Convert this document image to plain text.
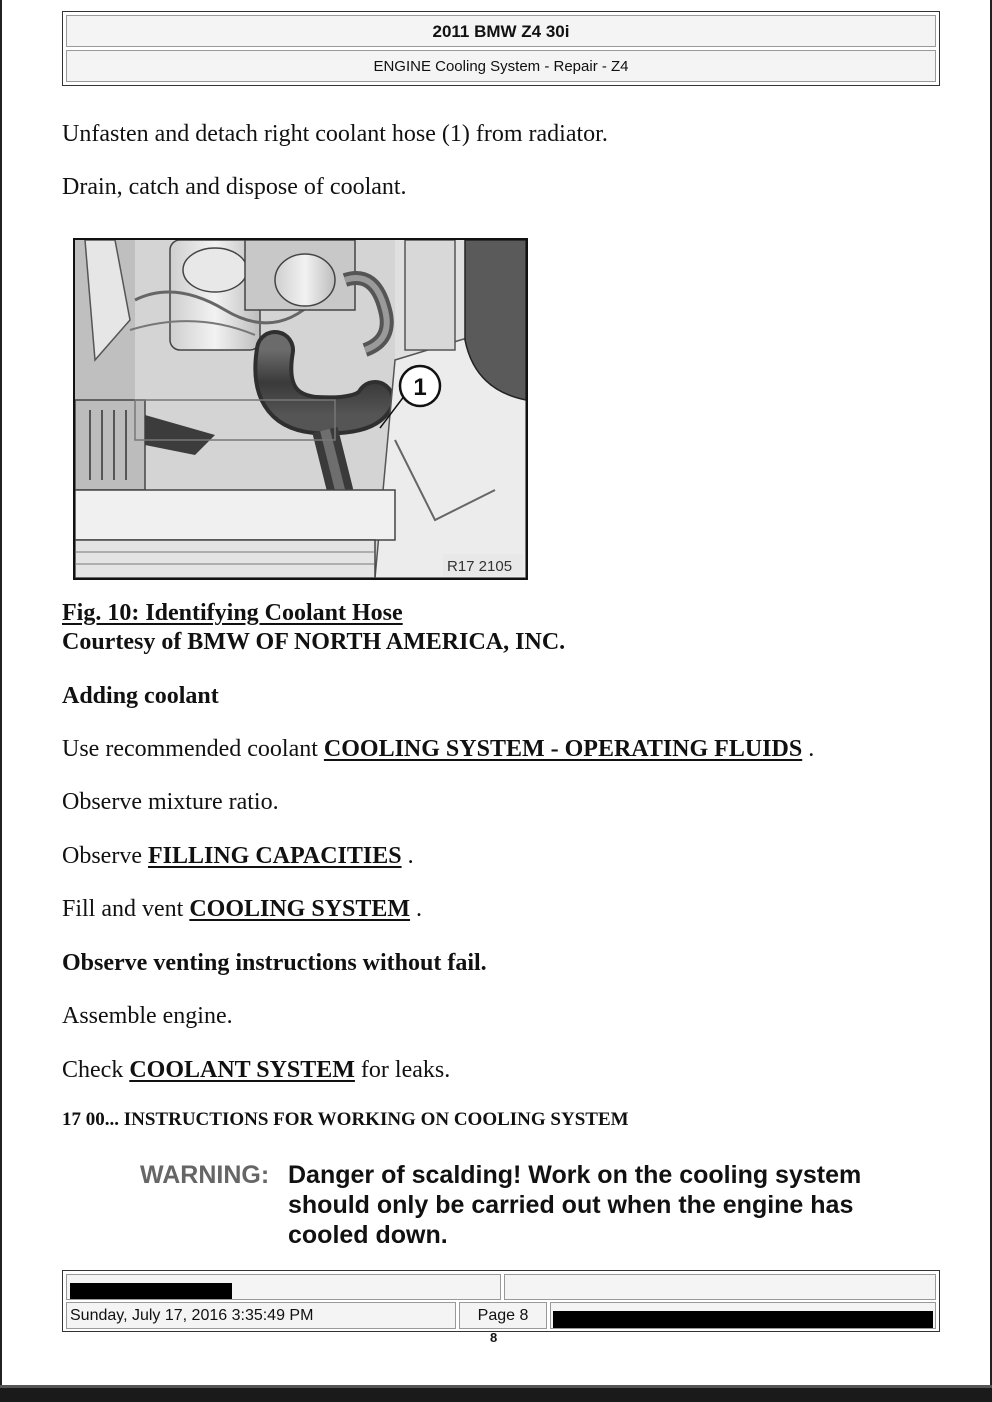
2011 BMW Z4 30i
ENGINE Cooling System - Repair - Z4
Unfasten and detach right coolant hose (1) from radiator.
Drain, catch and dispose of coolant.
1
R17 2105
Fig. 10: Identifying Coolant Hose
Courtesy of BMW OF NORTH AMERICA, INC.
Adding coolant
Use recommended coolant COOLING SYSTEM - OPERATING FLUIDS .
Observe mixture ratio.
Observe FILLING CAPACITIES .
Fill and vent COOLING SYSTEM .
Observe venting instructions without fail.
Assemble engine.
Check COOLANT SYSTEM for leaks.
17 00... INSTRUCTIONS FOR WORKING ON COOLING SYSTEM
WARNING: Danger of scalding! Work on the cooling system should only be carried out when the engine has cooled down.
Sunday, July 17, 2016 3:35:49 PM	Page 8
8
